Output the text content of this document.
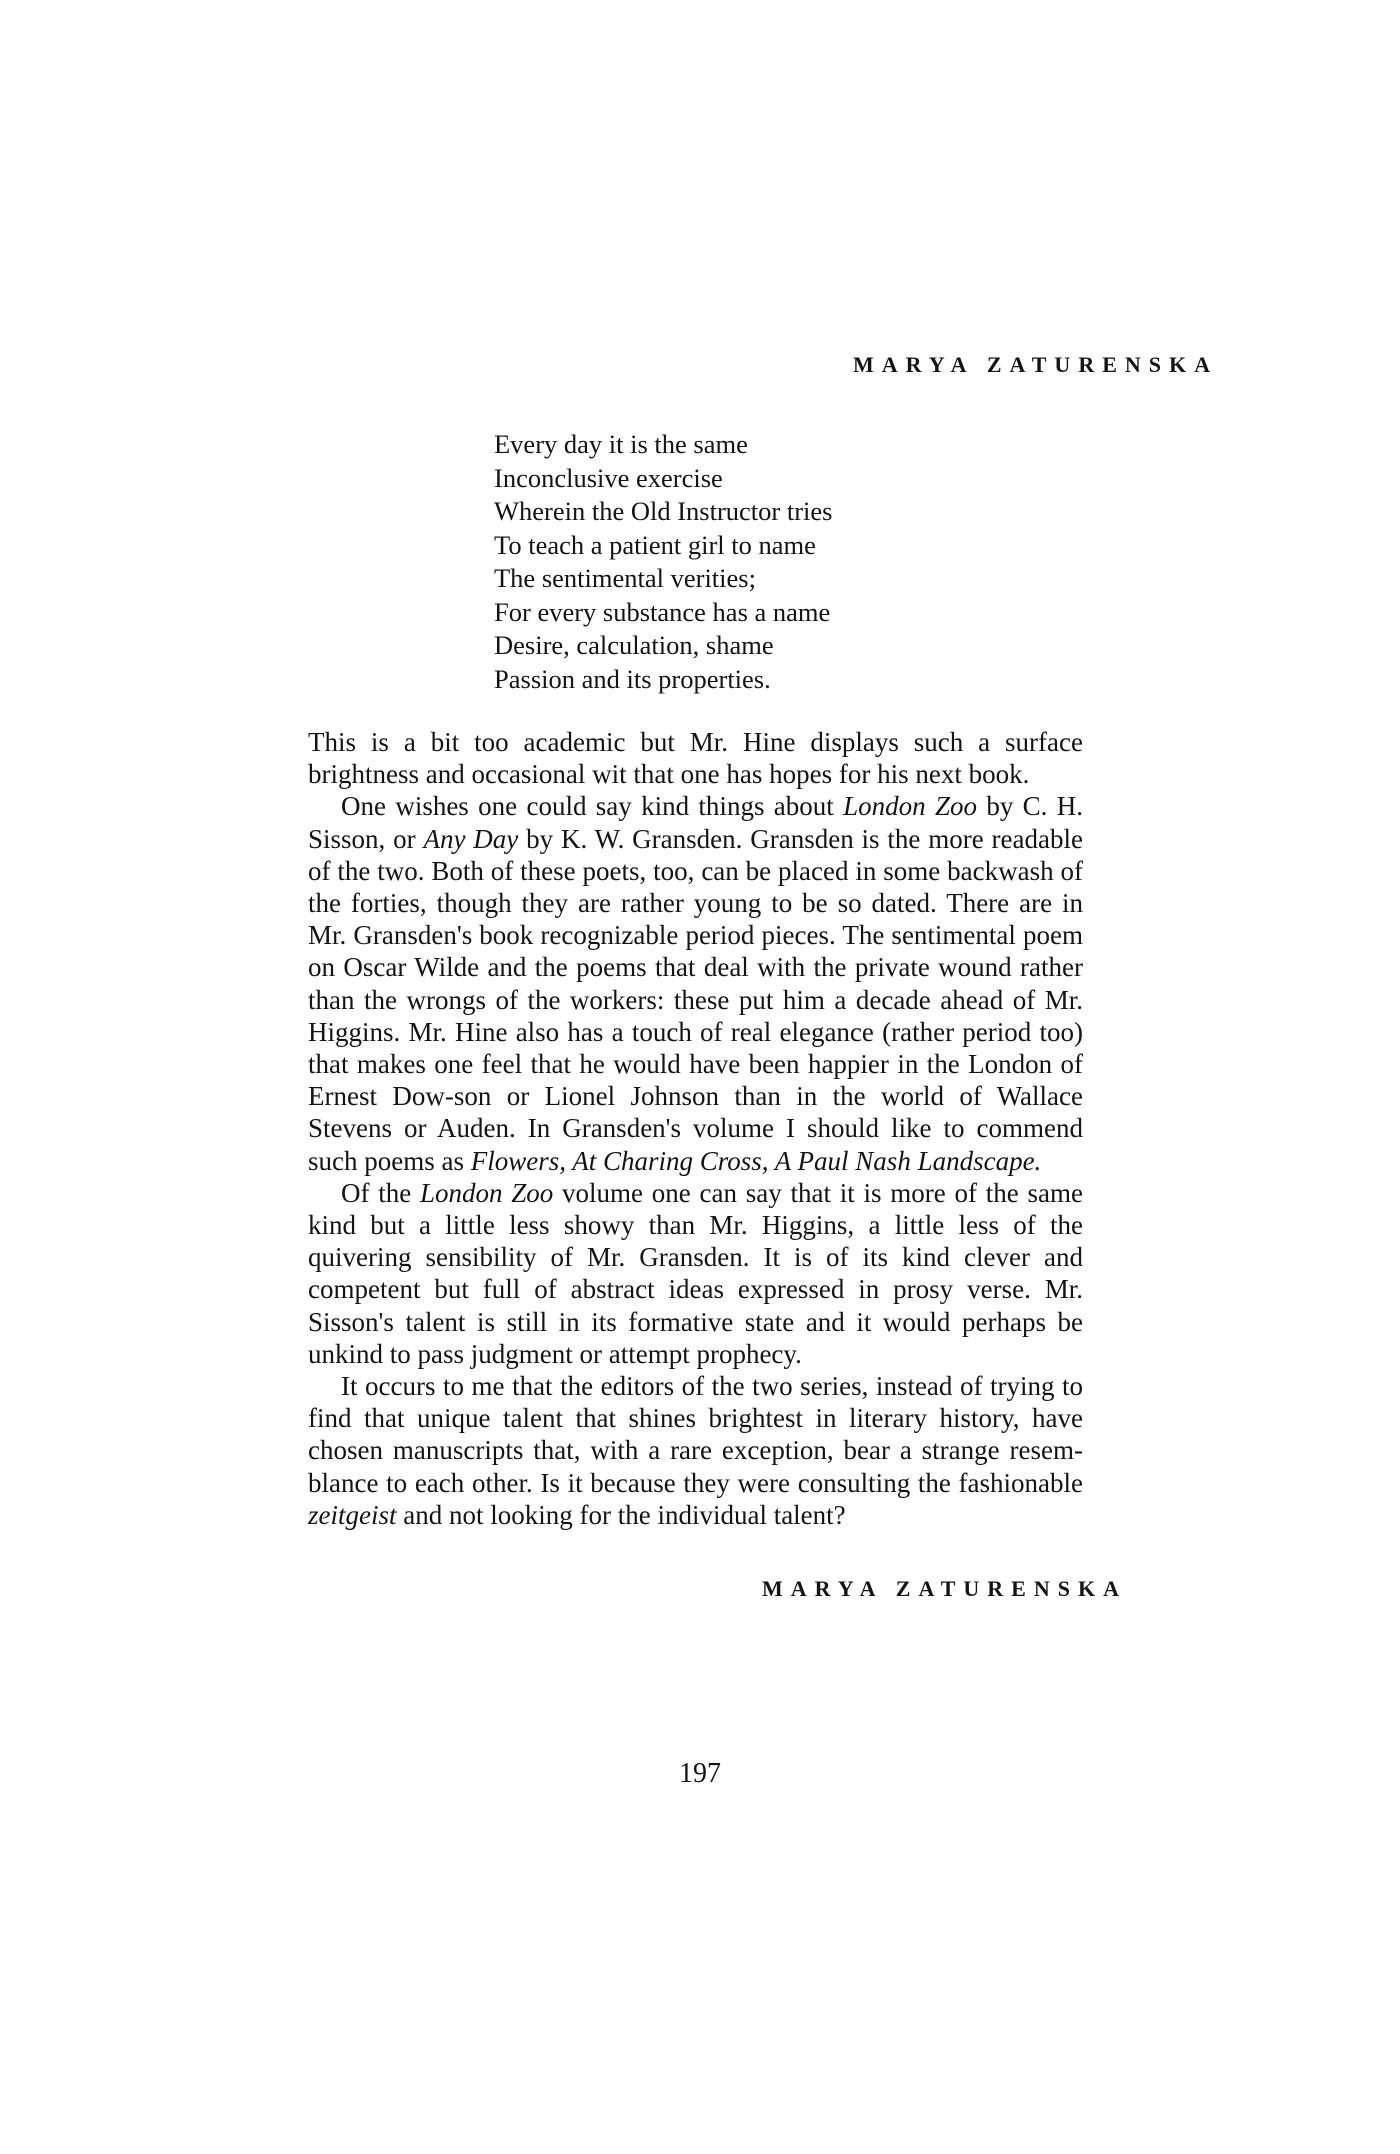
MARYA ZATURENSKA
Every day it is the same
Inconclusive exercise
Wherein the Old Instructor tries
To teach a patient girl to name
The sentimental verities;
For every substance has a name
Desire, calculation, shame
Passion and its properties.

This is a bit too academic but Mr. Hine displays such a surface brightness and occasional wit that one has hopes for his next book.

One wishes one could say kind things about London Zoo by C. H. Sisson, or Any Day by K. W. Gransden. Gransden is the more readable of the two. Both of these poets, too, can be placed in some backwash of the forties, though they are rather young to be so dated. There are in Mr. Gransden's book recognizable period pieces. The sentimental poem on Oscar Wilde and the poems that deal with the private wound rather than the wrongs of the workers: these put him a decade ahead of Mr. Higgins. Mr. Hine also has a touch of real elegance (rather period too) that makes one feel that he would have been happier in the London of Ernest Dow-son or Lionel Johnson than in the world of Wallace Stevens or Auden. In Gransden's volume I should like to commend such poems as Flowers, At Charing Cross, A Paul Nash Landscape.

Of the London Zoo volume one can say that it is more of the same kind but a little less showy than Mr. Higgins, a little less of the quivering sensibility of Mr. Gransden. It is of its kind clever and competent but full of abstract ideas expressed in prosy verse. Mr. Sisson's talent is still in its formative state and it would perhaps be unkind to pass judgment or attempt prophecy.

It occurs to me that the editors of the two series, instead of trying to find that unique talent that shines brightest in literary history, have chosen manuscripts that, with a rare exception, bear a strange resemblance to each other. Is it because they were consulting the fashionable zeitgeist and not looking for the individual talent?

MARYA ZATURENSKA
197
